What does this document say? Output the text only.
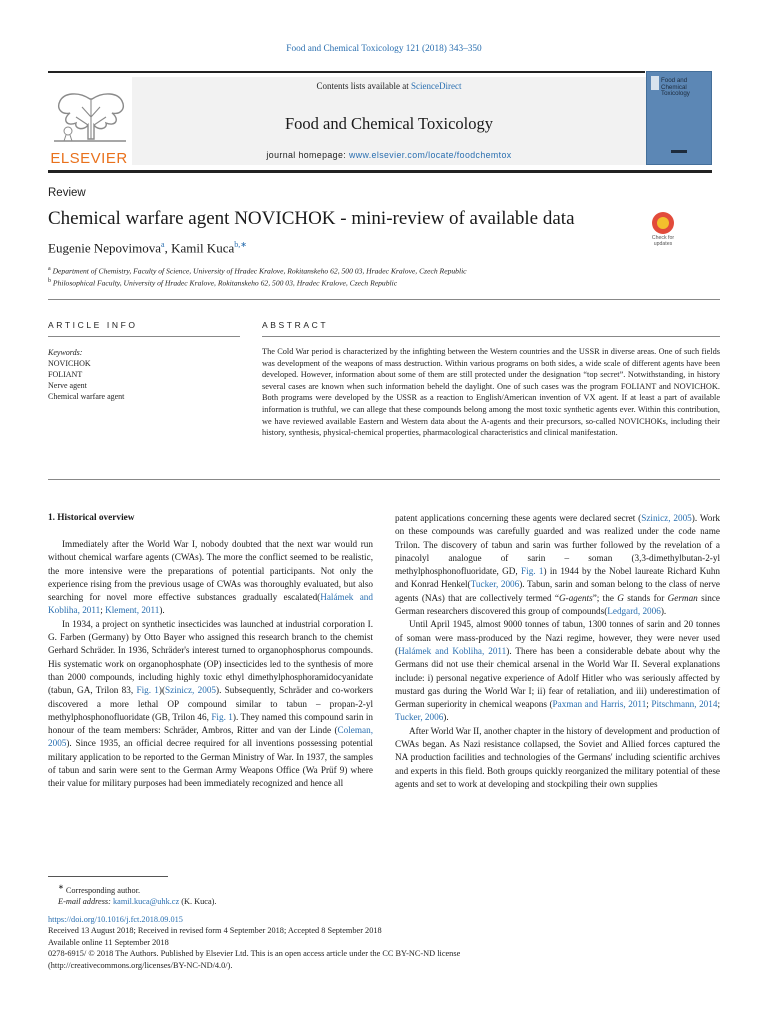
Food and Chemical Toxicology 121 (2018) 343–350
ELSEVIER
Contents lists available at ScienceDirect
Food and Chemical Toxicology
journal homepage: www.elsevier.com/locate/foodchemtox
Food and
Chemical
Toxicology
Review
Chemical warfare agent NOVICHOK - mini-review of available data
Eugenie Nepovimova$^a$, Kamil Kuca$^{b,∗}$
Check for
updates
$^a$ Department of Chemistry, Faculty of Science, University of Hradec Kralove, Rokitanskeho 62, 500 03, Hradec Kralove, Czech Republic
$^b$ Philosophical Faculty, University of Hradec Kralove, Rokitanskeho 62, 500 03, Hradec Kralove, Czech Republic
ARTICLE INFO	ABSTRACT
Keywords:
NOVICHOK
FOLIANT
Nerve agent
Chemical warfare agent
The Cold War period is characterized by the infighting between the Western countries and the USSR in diverse areas. One of such fields was development of the weapons of mass destruction. Within various programs on both sides, a wide scale of different agents have been developed. However, information about some of them are still protected under the designation “top secret”. Notwithstanding, in history several cases are known when such information beheld the daylight. One of such cases was the program FOLIANT and NOVICHOK. Both programs were developed by the USSR as a reaction to English/American invention of VX agent. If at least a part of available information is truthful, we can allege that these compounds belong among the most toxic synthetic agents ever. Within this contribution, we have reviewed available Eastern and Western data about the A-agents and their precursors, so-called NOVICHOKs, including their history, synthesis, physical-chemical properties, pharmacological characteristics and clinical manifestation.
1. Historical overview

Immediately after the World War I, nobody doubted that the next war would run without chemical warfare agents (CWAs). The more the conflict seemed to be realistic, the more intensive were the preparations of potential participants. Not only the experience rising from the previous usage of CWAs was thoroughly evaluated, but also searching for novel more effective substances gradually escalated(Halámek and Kobliha, 2011; Klement, 2011).

In 1934, a project on synthetic insecticides was launched at industrial corporation I. G. Farben (Germany) by Otto Bayer who assigned this research branch to the chemist Gerhard Schräder. In 1936, Schräder's interest turned to organophosphorus compounds. His systematic work on organophosphate (OP) insecticides led to the synthesis of more than 2000 compounds, including highly toxic ethyl dimethylphosphoramidocyanidate (tabun, GA, Trilon 83, Fig. 1)(Szinicz, 2005). Subsequently, Schräder and co-workers discovered a more lethal OP compound similar to tabun – propan-2-yl methylphosphonofluoridate (GB, Trilon 46, Fig. 1). They named this compound sarin in honour of the team members: Schräder, Ambros, Ritter and van der Linde (Coleman, 2005). Since 1935, an official decree required for all inventions possessing potential military application to be reported to the German Ministry of War. In 1937, the samples of tabun and sarin were sent to the German Army Weapons Office (Wa Prüf 9) where their value for military purposes had been immediately recognized and hence all

patent applications concerning these agents were declared secret (Szinicz, 2005). Work on these compounds was carefully guarded and was realized under the code name Trilon. The discovery of tabun and sarin was further followed by the revelation of a pinacolyl analogue of sarin – soman (3,3-dimethylbutan-2-yl methylphosphonofluoridate, GD, Fig. 1) in 1944 by the Nobel laureate Richard Kuhn and Konrad Henkel(Tucker, 2006). Tabun, sarin and soman belong to the class of nerve agents (NAs) that are collectively termed “G-agents”; the G stands for German since German researchers discovered this group of compounds(Ledgard, 2006).

Until April 1945, almost 9000 tonnes of tabun, 1300 tonnes of sarin and 20 tonnes of soman were mass-produced by the Nazi regime, however, they were never used (Halámek and Kobliha, 2011). There has been a considerable debate about why the Germans did not use their chemical arsenal in the World War II. Several explanations include: i) personal negative experience of Adolf Hitler who was seriously affected by mustard gas during the World War I; ii) fear of retaliation, and iii) underestimation of German superiority in chemical weapons (Paxman and Harris, 2011; Pitschmann, 2014; Tucker, 2006).

After World War II, another chapter in the history of development and production of CWAs began. As Nazi resistance collapsed, the Soviet and Allied forces captured the NA production facilities and technologies of the Germans' including scientific archives and experts in this field. Both groups quickly reorganized the military potential of these agents and set to work at developing and stockpiling their own supplies

∗ Corresponding author.
E-mail address: kamil.kuca@uhk.cz (K. Kuca).
https://doi.org/10.1016/j.fct.2018.09.015
Received 13 August 2018; Received in revised form 4 September 2018; Accepted 8 September 2018
Available online 11 September 2018
0278-6915/ © 2018 The Authors. Published by Elsevier Ltd. This is an open access article under the CC BY-NC-ND license
(http://creativecommons.org/licenses/BY-NC-ND/4.0/).
